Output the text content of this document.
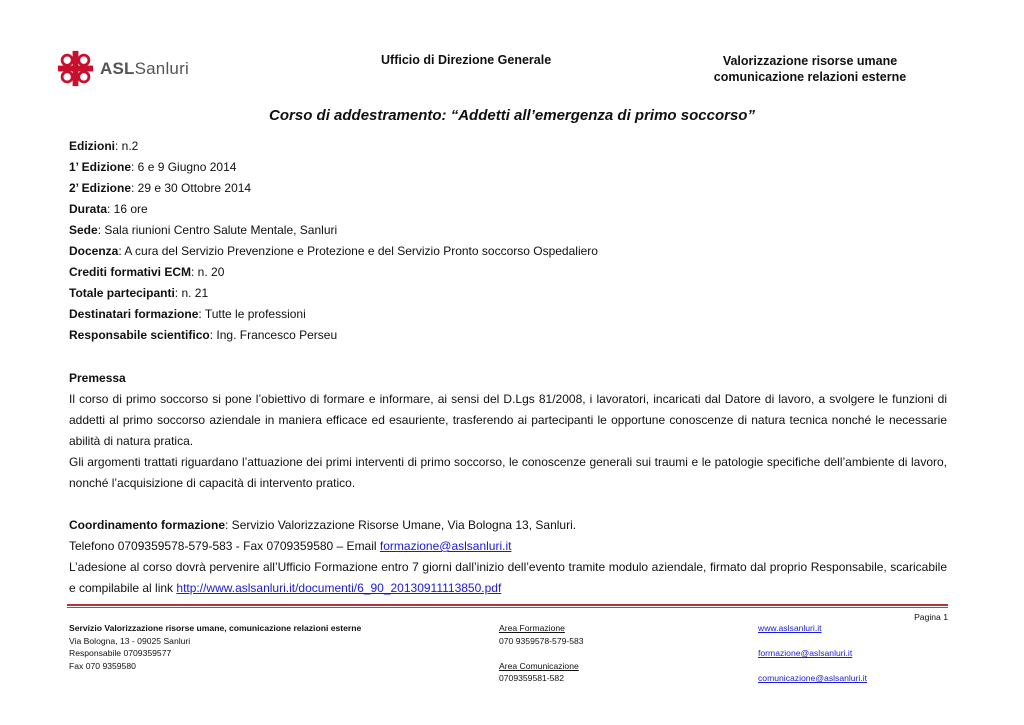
ASLSanluri	Ufficio di Direzione Generale	Valorizzazione risorse umane
comunicazione relazioni esterne
Corso di addestramento: “Addetti all’emergenza di primo soccorso”
Edizioni: n.2
1’ Edizione: 6 e 9 Giugno 2014
2’ Edizione: 29 e 30 Ottobre 2014
Durata: 16 ore
Sede: Sala riunioni Centro Salute Mentale, Sanluri
Docenza: A cura del Servizio Prevenzione e Protezione e del Servizio Pronto soccorso Ospedaliero
Crediti formativi ECM: n. 20
Totale partecipanti: n. 21
Destinatari formazione: Tutte le professioni
Responsabile scientifico: Ing. Francesco Perseu
Premessa
Il corso di primo soccorso si pone l’obiettivo di formare e informare, ai sensi del D.Lgs 81/2008, i lavoratori, incaricati dal Datore di lavoro, a svolgere le funzioni di addetti al primo soccorso aziendale in maniera efficace ed esauriente, trasferendo ai partecipanti le opportune conoscenze di natura tecnica nonché le necessarie abilità di natura pratica.
Gli argomenti trattati riguardano l’attuazione dei primi interventi di primo soccorso, le conoscenze generali sui traumi e le patologie specifiche dell’ambiente di lavoro, nonché l’acquisizione di capacità di intervento pratico.
Coordinamento formazione: Servizio Valorizzazione Risorse Umane, Via Bologna 13, Sanluri.
Telefono 0709359578-579-583 - Fax 0709359580 – Email formazione@aslsanluri.it
L’adesione al corso dovrà pervenire all’Ufficio Formazione entro 7 giorni dall’inizio dell’evento tramite modulo aziendale, firmato dal proprio Responsabile, scaricabile e compilabile al link http://www.aslsanluri.it/documenti/6_90_20130911113850.pdf
Pagina 1
Servizio Valorizzazione risorse umane, comunicazione relazioni esterne
Via Bologna, 13 - 09025 Sanluri
Responsabile 0709359577
Fax 070 9359580
Area Formazione
070 9359578-579-583
Area Comunicazione
0709359581-582
www.aslsanluri.it
formazione@aslsanluri.it
comunicazione@aslsanluri.it
